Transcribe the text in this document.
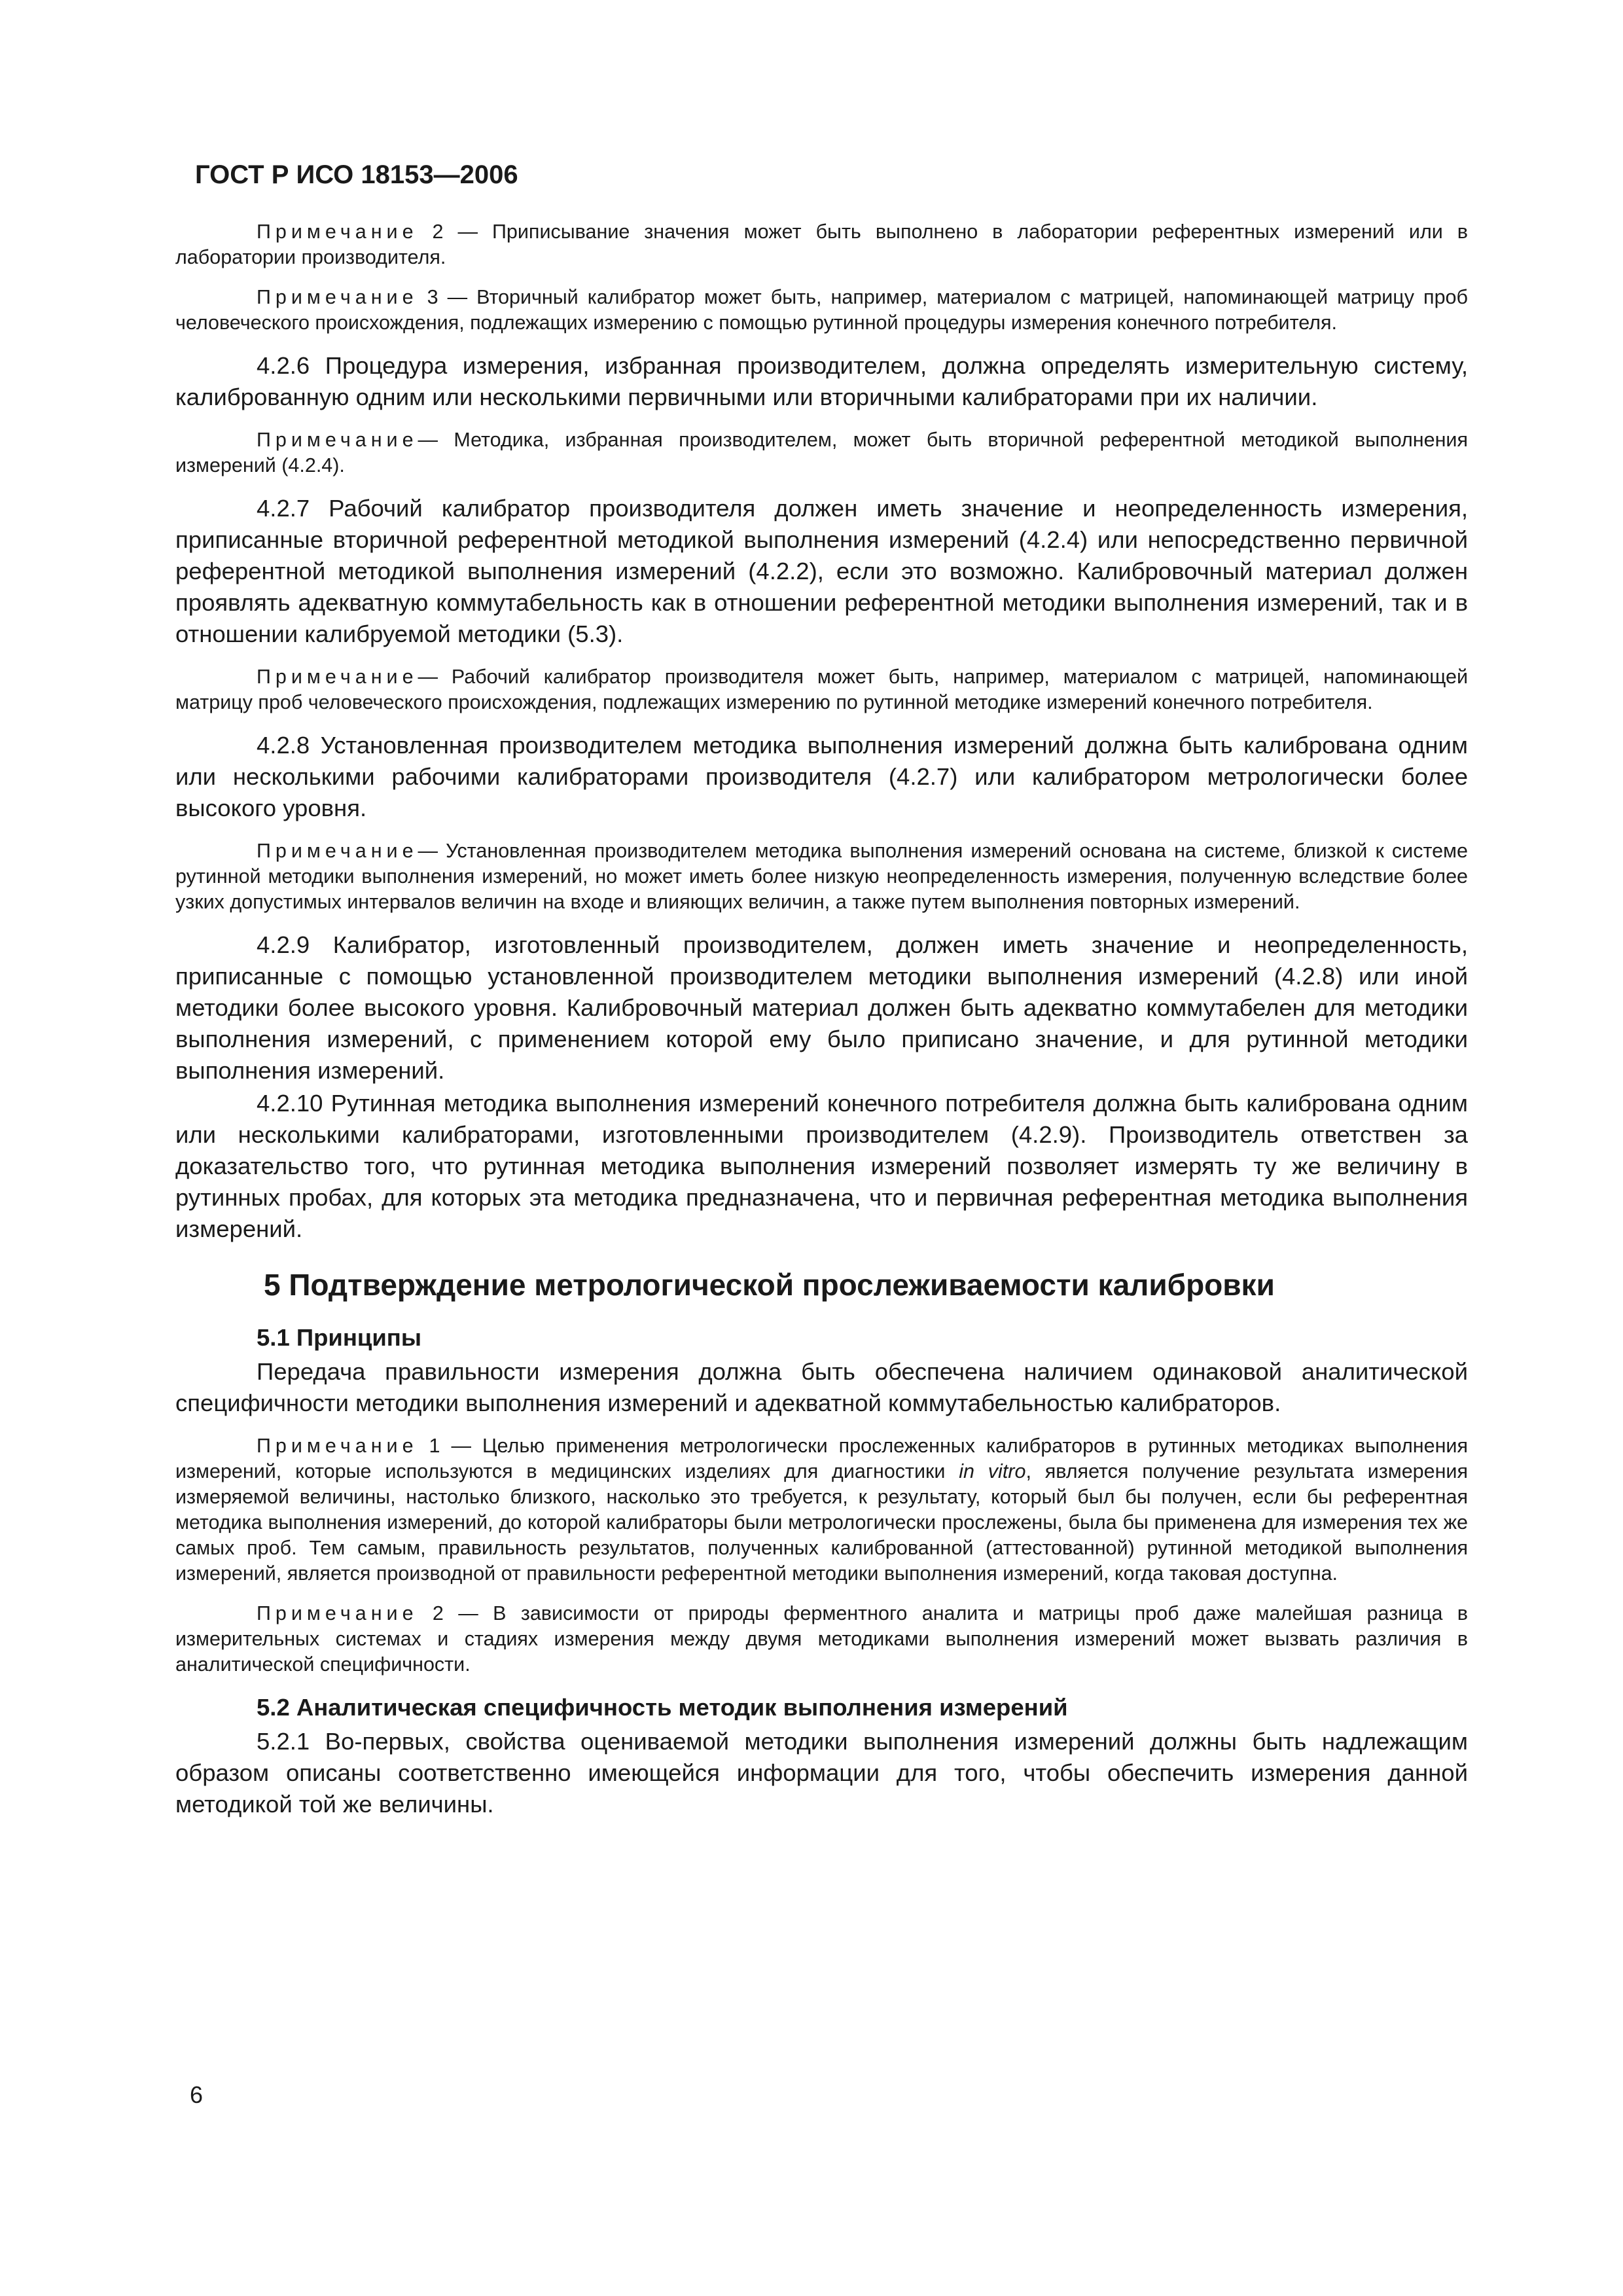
ГОСТ Р ИСО 18153—2006

Примечание 2 — Приписывание значения может быть выполнено в лаборатории референтных измерений или в лаборатории производителя.

Примечание 3 — Вторичный калибратор может быть, например, материалом с матрицей, напоминающей матрицу проб человеческого происхождения, подлежащих измерению с помощью рутинной процедуры измерения конечного потребителя.

4.2.6 Процедура измерения, избранная производителем, должна определять измерительную систему, калиброванную одним или несколькими первичными или вторичными калибраторами при их наличии.

Примечание— Методика, избранная производителем, может быть вторичной референтной методикой выполнения измерений (4.2.4).

4.2.7 Рабочий калибратор производителя должен иметь значение и неопределенность измерения, приписанные вторичной референтной методикой выполнения измерений (4.2.4) или непосредственно первичной референтной методикой выполнения измерений (4.2.2), если это возможно. Калибровочный материал должен проявлять адекватную коммутабельность как в отношении референтной методики выполнения измерений, так и в отношении калибруемой методики (5.3).

Примечание— Рабочий калибратор производителя может быть, например, материалом с матрицей, напоминающей матрицу проб человеческого происхождения, подлежащих измерению по рутинной методике измерений конечного потребителя.

4.2.8 Установленная производителем методика выполнения измерений должна быть калибрована одним или несколькими рабочими калибраторами производителя (4.2.7) или калибратором метрологически более высокого уровня.

Примечание— Установленная производителем методика выполнения измерений основана на системе, близкой к системе рутинной методики выполнения измерений, но может иметь более низкую неопределенность измерения, полученную вследствие более узких допустимых интервалов величин на входе и влияющих величин, а также путем выполнения повторных измерений.

4.2.9 Калибратор, изготовленный производителем, должен иметь значение и неопределенность, приписанные с помощью установленной производителем методики выполнения измерений (4.2.8) или иной методики более высокого уровня. Калибровочный материал должен быть адекватно коммутабелен для методики выполнения измерений, с применением которой ему было приписано значение, и для рутинной методики выполнения измерений.

4.2.10 Рутинная методика выполнения измерений конечного потребителя должна быть калибрована одним или несколькими калибраторами, изготовленными производителем (4.2.9). Производитель ответствен за доказательство того, что рутинная методика выполнения измерений позволяет измерять ту же величину в рутинных пробах, для которых эта методика предназначена, что и первичная референтная методика выполнения измерений.

5 Подтверждение метрологической прослеживаемости калибровки
5.1 Принципы

Передача правильности измерения должна быть обеспечена наличием одинаковой аналитической специфичности методики выполнения измерений и адекватной коммутабельностью калибраторов.

Примечание 1 — Целью применения метрологически прослеженных калибраторов в рутинных методиках выполнения измерений, которые используются в медицинских изделиях для диагностики in vitro, является получение результата измерения измеряемой величины, настолько близкого, насколько это требуется, к результату, который был бы получен, если бы референтная методика выполнения измерений, до которой калибраторы были метрологически прослежены, была бы применена для измерения тех же самых проб. Тем самым, правильность результатов, полученных калиброванной (аттестованной) рутинной методикой выполнения измерений, является производной от правильности референтной методики выполнения измерений, когда таковая доступна.

Примечание 2 — В зависимости от природы ферментного аналита и матрицы проб даже малейшая разница в измерительных системах и стадиях измерения между двумя методиками выполнения измерений может вызвать различия в аналитической специфичности.

5.2 Аналитическая специфичность методик выполнения измерений

5.2.1 Во-первых, свойства оцениваемой методики выполнения измерений должны быть надлежащим образом описаны соответственно имеющейся информации для того, чтобы обеспечить измерения данной методикой той же величины.

6
